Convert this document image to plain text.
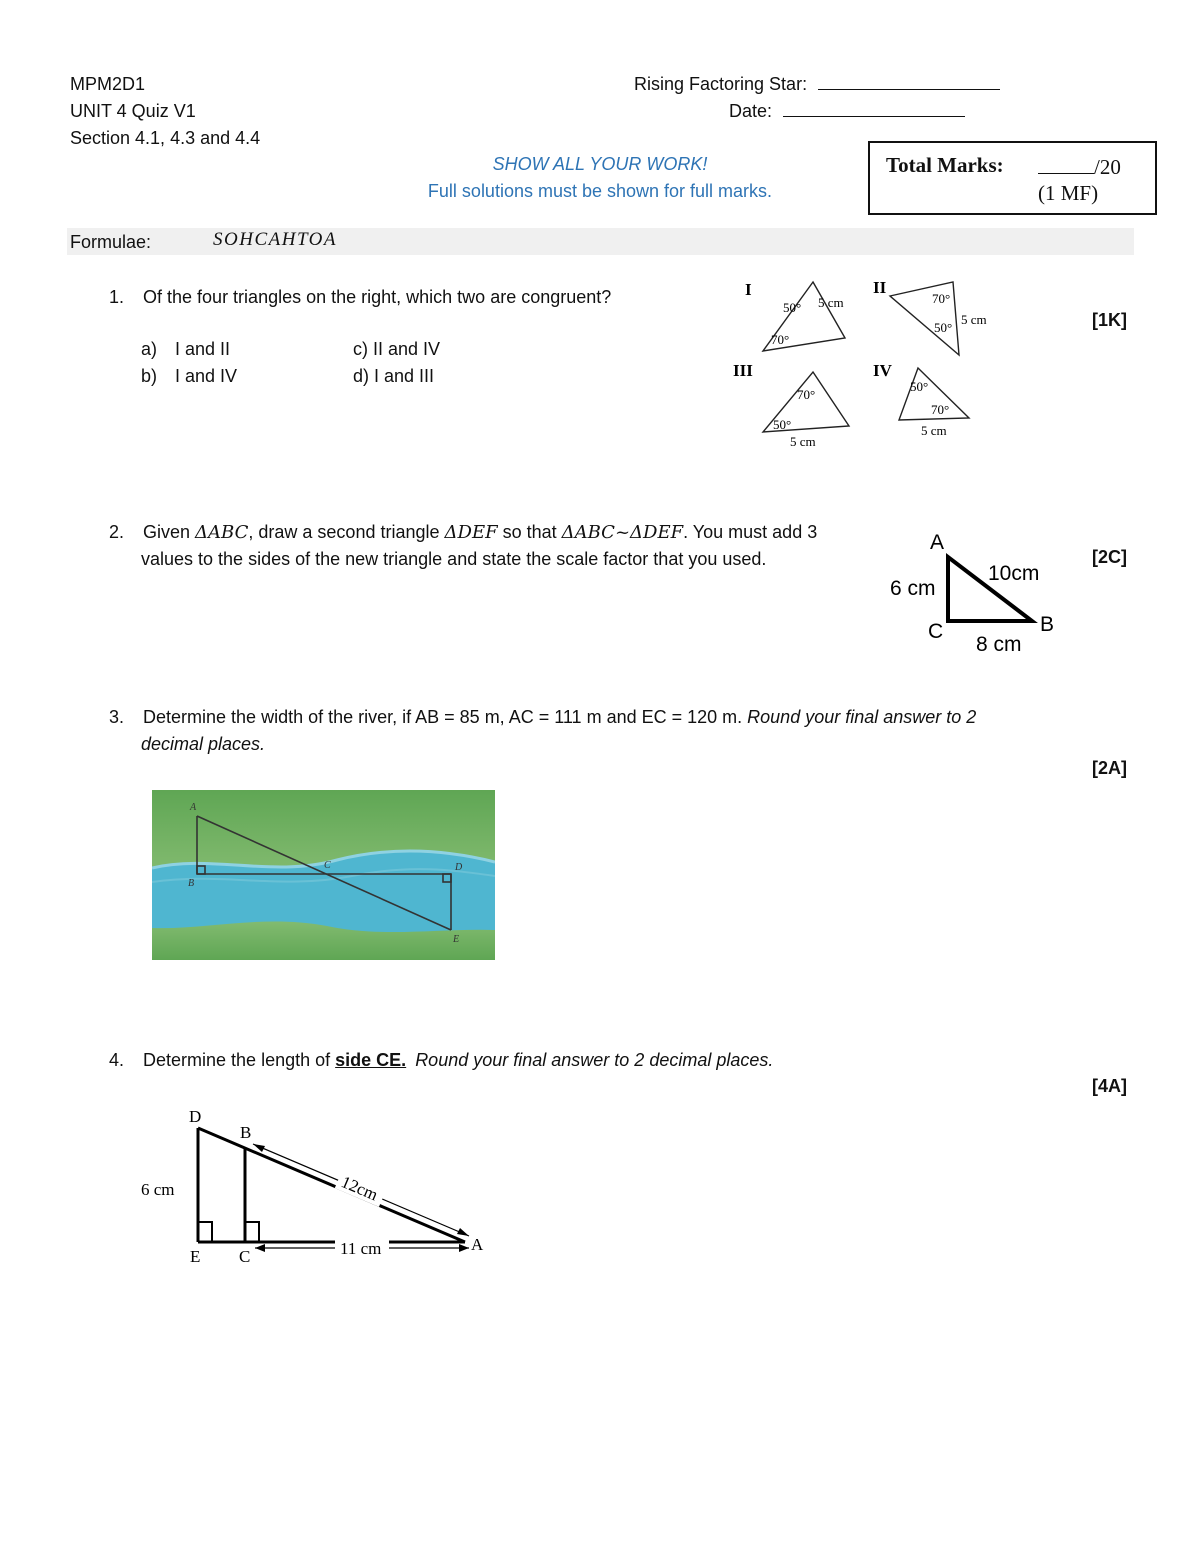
MPM2D1
UNIT 4 Quiz V1
Section 4.1, 4.3 and 4.4
Rising Factoring Star:
Date:
SHOW ALL YOUR WORK!
Full solutions must be shown for full marks.
Total Marks:	/20
(1 MF)
Formulae:	SOHCAHTOA
1. Of the four triangles on the right, which two are congruent?
a) I and II
b) I and IV
c) II and IV
d) I and III
[1K]
I
50° 5 cm
70°
II
70°
50°
5 cm
III
70°
50°
5 cm
IV
50°
70°
5 cm
2. Given ΔABC, draw a second triangle ΔDEF so that ΔABC~ΔDEF. You must add 3
values to the sides of the new triangle and state the scale factor that you used.	[2C]
A
C	B
10cm
6 cm
8 cm
3. Determine the width of the river, if AB = 85 m, AC = 111 m and EC = 120 m. Round your final answer to 2
decimal places.
[2A]
A
B
C	D
E
4. Determine the length of side CE. Round your final answer to 2 decimal places.
[4A]
D
B
E C
A
6 cm
11 cm
12cm
